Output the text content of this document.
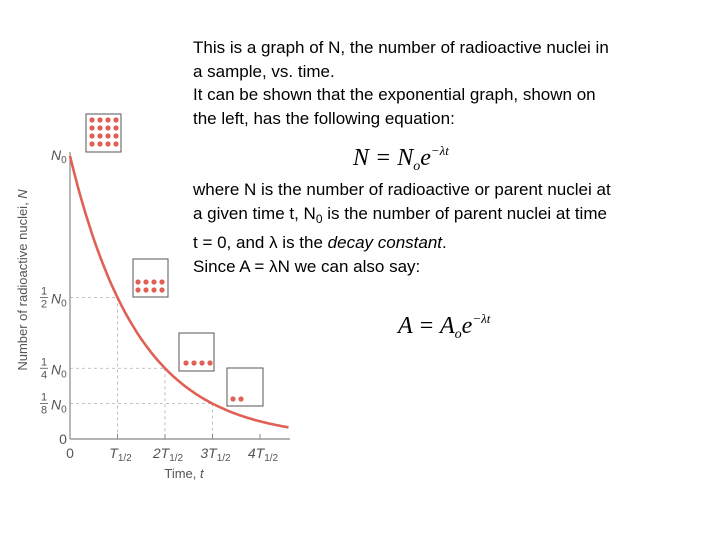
0	$T_{1/2}$ $2T_{1/2}$ $3T_{1/2}$ $4T_{1/2}$
$N_0$
1
2 $N_0$
1
4 $N_0$
1
8 $N_0$
0
Time, t
Number of radioactive nuclei, N
This is a graph of N, the number of radioactive nuclei in
a sample, vs. time.
It can be shown that the exponential graph, shown on
the left, has the following equation:
$N = N_oe^{-\lambda t}$
where N is the number of radioactive or parent nuclei at
a given time t, $N_0$ is the number of parent nuclei at time
t = 0, and λ is the decay constant.
Since A = λN we can also say:
$A = A_oe^{-\lambda t}$
